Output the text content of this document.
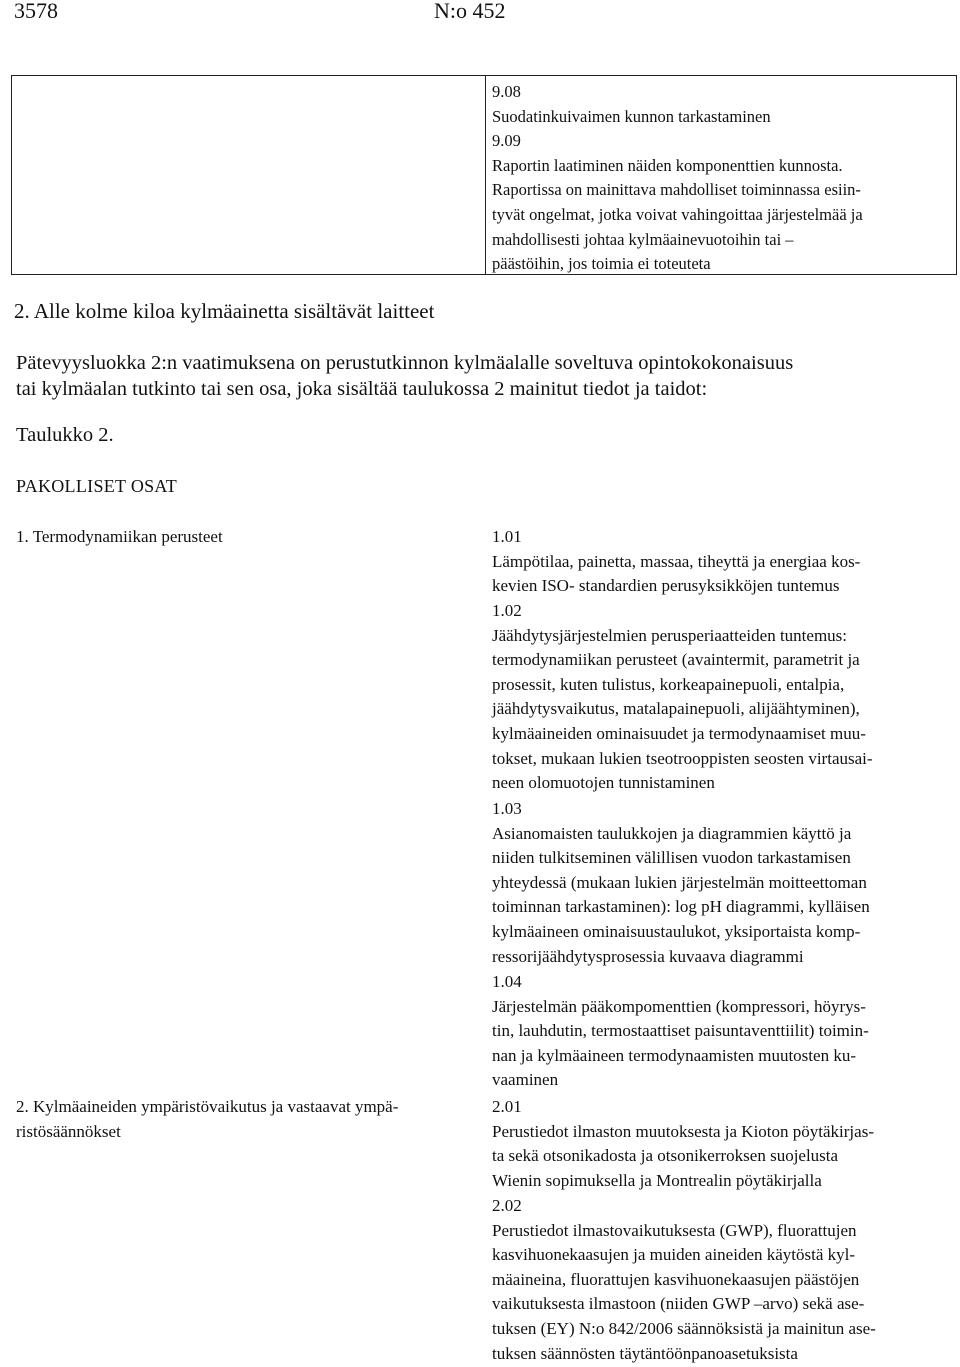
3578	N:o 452
9.08
Suodatinkuivaimen kunnon tarkastaminen
9.09
Raportin laatiminen näiden komponenttien kunnosta.
Raportissa on mainittava mahdolliset toiminnassa esiin-
tyvät ongelmat, jotka voivat vahingoittaa järjestelmää ja
mahdollisesti johtaa kylmäainevuotoihin tai –
päästöihin, jos toimia ei toteuteta
2. Alle kolme kiloa kylmäainetta sisältävät laitteet
Pätevyysluokka 2:n vaatimuksena on perustutkinnon kylmäalalle soveltuva opintokokonaisuus
tai kylmäalan tutkinto tai sen osa, joka sisältää taulukossa 2 mainitut tiedot ja taidot:
Taulukko 2.
PAKOLLISET OSAT
1. Termodynamiikan perusteet	1.01
Lämpötilaa, painetta, massaa, tiheyttä ja energiaa kos-
kevien ISO- standardien perusyksikköjen tuntemus
1.02
Jäähdytysjärjestelmien perusperiaatteiden tuntemus:
termodynamiikan perusteet (avaintermit, parametrit ja
prosessit, kuten tulistus, korkeapainepuoli, entalpia,
jäähdytysvaikutus, matalapainepuoli, alijäähtyminen),
kylmäaineiden ominaisuudet ja termodynaamiset muu-
tokset, mukaan lukien tseotrooppisten seosten virtausai-
neen olomuotojen tunnistaminen
1.03
Asianomaisten taulukkojen ja diagrammien käyttö ja
niiden tulkitseminen välillisen vuodon tarkastamisen
yhteydessä (mukaan lukien järjestelmän moitteettoman
toiminnan tarkastaminen): log pH diagrammi, kylläisen
kylmäaineen ominaisuustaulukot, yksiportaista komp-
ressorijäähdytysprosessia kuvaava diagrammi
1.04
Järjestelmän pääkompomenttien (kompressori, höyrys-
tin, lauhdutin, termostaattiset paisuntaventtiilit) toimin-
nan ja kylmäaineen termodynaamisten muutosten ku-
vaaminen
2. Kylmäaineiden ympäristövaikutus ja vastaavat ympä-
ristösäännökset
2.01
Perustiedot ilmaston muutoksesta ja Kioton pöytäkirjas-
ta sekä otsonikadosta ja otsonikerroksen suojelusta
Wienin sopimuksella ja Montrealin pöytäkirjalla
2.02
Perustiedot ilmastovaikutuksesta (GWP), fluorattujen
kasvihuonekaasujen ja muiden aineiden käytöstä kyl-
mäaineina, fluorattujen kasvihuonekaasujen päästöjen
vaikutuksesta ilmastoon (niiden GWP –arvo) sekä ase-
tuksen (EY) N:o 842/2006 säännöksistä ja mainitun ase-
tuksen säännösten täytäntöönpanoasetuksista
